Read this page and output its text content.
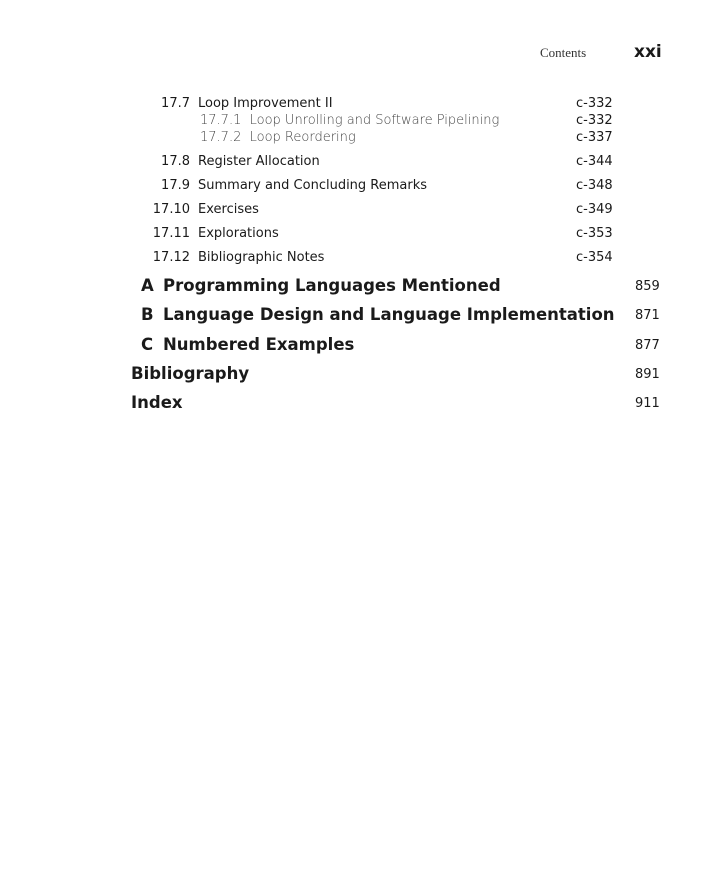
Contents	xxi
17.7 Loop Improvement II	c-332
17.7.1 Loop Unrolling and Software Pipelining	c-332
17.7.2 Loop Reordering	c-337
17.8 Register Allocation	c-344
17.9 Summary and Concluding Remarks	c-348
17.10 Exercises	c-349
17.11 Explorations	c-353
17.12 Bibliographic Notes	c-354
A Programming Languages Mentioned	859
B Language Design and Language Implementation 871
C Numbered Examples	877
Bibliography	891
Index	911
